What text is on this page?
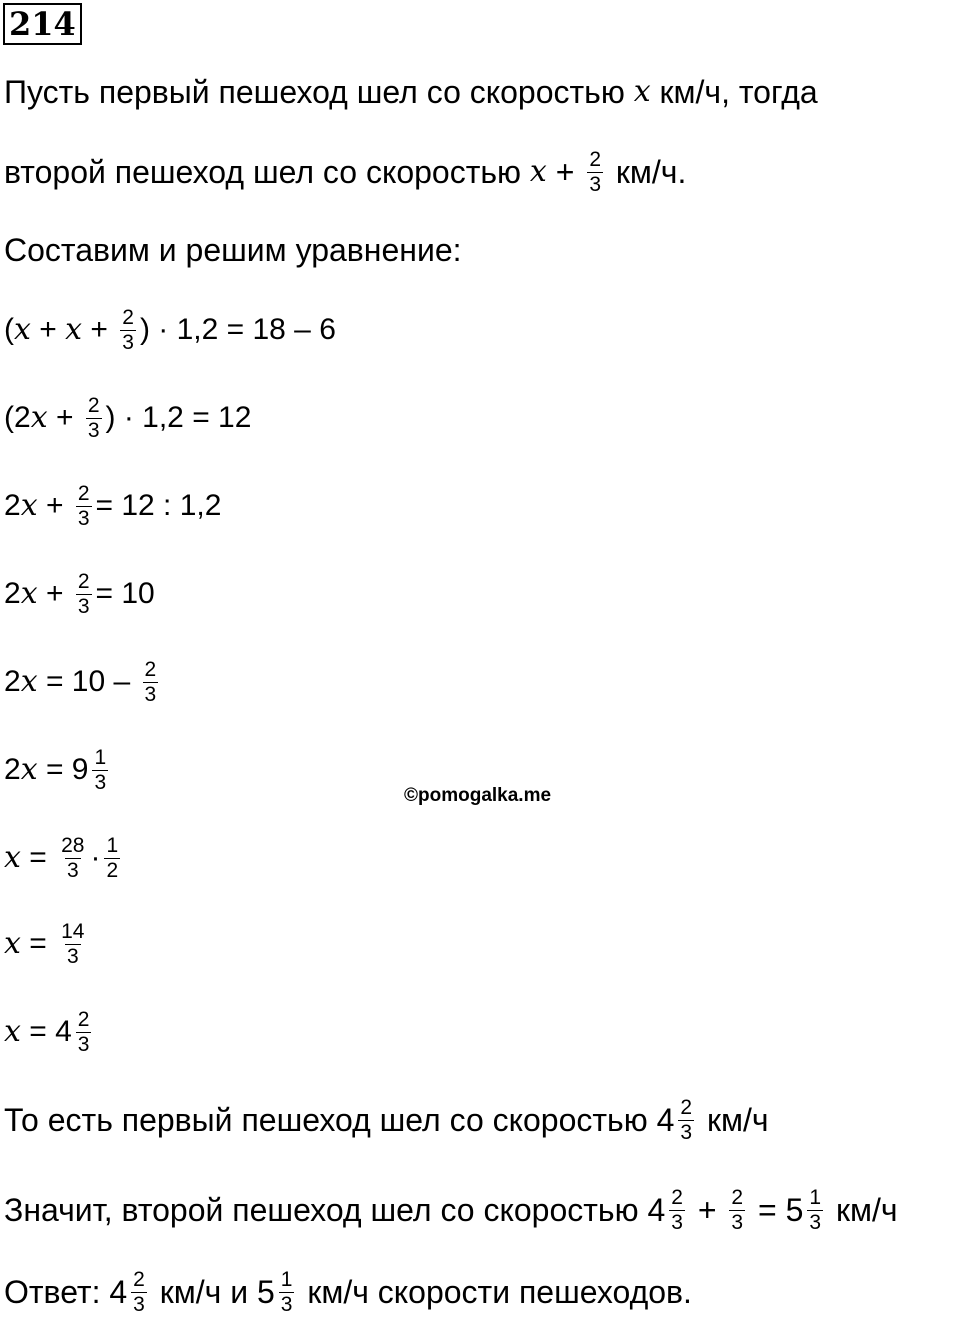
214
Пусть первый пешеход шел со скоростью x км/ч, тогда
второй пешеход шел со скоростью $x + \frac{2}{3} км/ч$.
Составим и решим уравнение:
( $x + x + \frac{2}{3}$ ) · 1,2 = 18 – 6
(2 $x + \frac{2}{3}$ ) · 1,2 = 12
2 $x + \frac{2}{3} = 12$ : 1,2
2 $x + \frac{2}{3} = 10$
2 $x = 10 - \frac{2}{3}$
2 $x = 9 \frac{1}{3}$
$x = \frac{28}{3} \cdot \frac{1}{2}$
$x = \frac{14}{3}$
$x = 4 \frac{2}{3}$
То есть первый пешеход шел со скоростью $4 \frac{2}{3} км/ч$
Значит, второй пешеход шел со скоростью $4 \frac{2}{3} + \frac{2}{3} = 5 \frac{1}{3} км/ч$
Ответ: $4 \frac{2}{3} км/ч$ и $5 \frac{1}{3} км/ч$ скорости пешеходов.
©pomogalka.me
